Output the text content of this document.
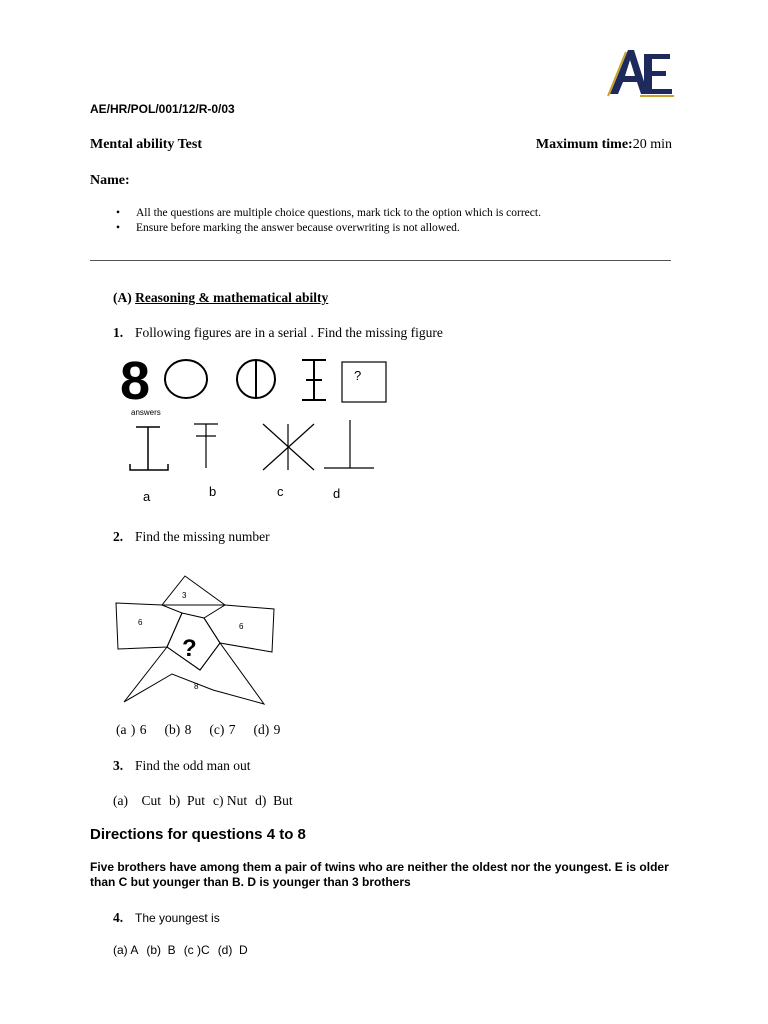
AE
AE/HR/POL/001/12/R-0/03
Mental ability Test	Maximum time:20 min
Name:
• All the questions are multiple choice questions, mark tick to the option which is correct.
• Ensure before marking the answer because overwriting is not allowed.
(A) Reasoning & mathematical abilty
1. Following figures are in a serial . Find the missing figure
8	?
answers
a	b	c	d
2. Find the missing number
3
6	6
8
?
(a ) 6 (b) 8 (c) 7 (d) 9
3. Find the odd man out
(a)    Cut b)  Put c) Nut d)  But
Directions for questions 4 to 8
Five brothers have among them a pair of twins who are neither the oldest nor the youngest. E is older than C but younger than B. D is younger than 3 brothers
4. The youngest is
(a) A (b)  B (c )C (d)  D
